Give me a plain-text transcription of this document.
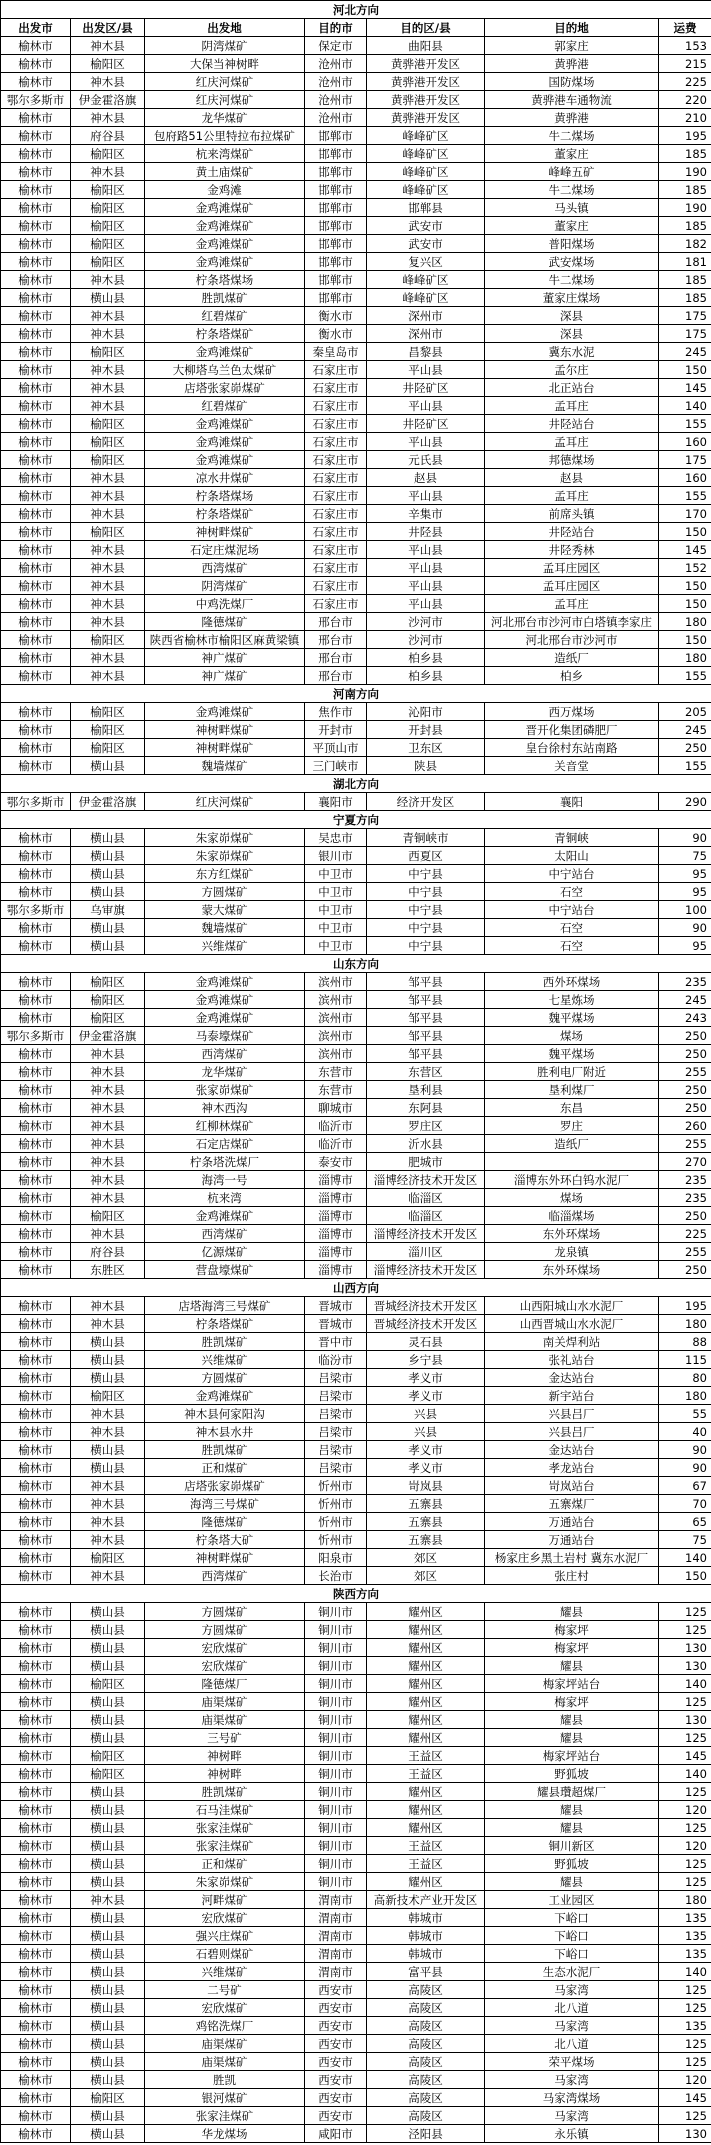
河北方向						
出发市	出发区/县	出发地	目的市	目的区/县	目的地	运费
榆林市	神木县	阴湾煤矿	保定市	曲阳县	郭家庄	153
榆林市	榆阳区	大保当神树畔	沧州市	黄骅港开发区	黄骅港	215
榆林市	神木县	红庆河煤矿	沧州市	黄骅港开发区	国防煤场	225
鄂尔多斯市	伊金霍洛旗	红庆河煤矿	沧州市	黄骅港开发区	黄骅港车通物流	220
榆林市	神木县	龙华煤矿	沧州市	黄骅港开发区	黄骅港	210
榆林市	府谷县	包府路51公里特拉布拉煤矿	邯郸市	峰峰矿区	牛二煤场	195
榆林市	榆阳区	杭来湾煤矿	邯郸市	峰峰矿区	董家庄	185
榆林市	神木县	黄土庙煤矿	邯郸市	峰峰矿区	峰峰五矿	190
榆林市	榆阳区	金鸡滩	邯郸市	峰峰矿区	牛二煤场	185
榆林市	榆阳区	金鸡滩煤矿	邯郸市	邯郸县	马头镇	190
榆林市	榆阳区	金鸡滩煤矿	邯郸市	武安市	董家庄	185
榆林市	榆阳区	金鸡滩煤矿	邯郸市	武安市	普阳煤场	182
榆林市	榆阳区	金鸡滩煤矿	邯郸市	复兴区	武安煤场	181
榆林市	神木县	柠条塔煤场	邯郸市	峰峰矿区	牛二煤场	185
榆林市	横山县	胜凯煤矿	邯郸市	峰峰矿区	董家庄煤场	185
榆林市	神木县	红碧煤矿	衡水市	深州市	深县	175
榆林市	神木县	柠条塔煤矿	衡水市	深州市	深县	175
榆林市	榆阳区	金鸡滩煤矿	秦皇岛市	昌黎县	冀东水泥	245
榆林市	神木县	大柳塔乌兰色太煤矿	石家庄市	平山县	孟尔庄	150
榆林市	神木县	店塔张家峁煤矿	石家庄市	井陉矿区	北正站台	145
榆林市	神木县	红碧煤矿	石家庄市	平山县	孟耳庄	140
榆林市	榆阳区	金鸡滩煤矿	石家庄市	井陉矿区	井陉站台	155
榆林市	榆阳区	金鸡滩煤矿	石家庄市	平山县	孟耳庄	160
榆林市	榆阳区	金鸡滩煤矿	石家庄市	元氏县	邦德煤场	175
榆林市	神木县	凉水井煤矿	石家庄市	赵县	赵县	160
榆林市	神木县	柠条塔煤场	石家庄市	平山县	孟耳庄	155
榆林市	神木县	柠条塔煤矿	石家庄市	辛集市	前席头镇	170
榆林市	榆阳区	神树畔煤矿	石家庄市	井陉县	井陉站台	150
榆林市	神木县	石定庄煤泥场	石家庄市	平山县	井陉秀林	145
榆林市	神木县	西湾煤矿	石家庄市	平山县	孟耳庄园区	152
榆林市	神木县	阴湾煤矿	石家庄市	平山县	孟耳庄园区	150
榆林市	神木县	中鸡洗煤厂	石家庄市	平山县	孟耳庄	150
榆林市	神木县	隆德煤矿	邢台市	沙河市	河北邢台市沙河市白塔镇李家庄	180
榆林市	榆阳区	陕西省榆林市榆阳区麻黄梁镇	邢台市	沙河市	河北邢台市沙河市	150
榆林市	神木县	神广煤矿	邢台市	柏乡县	造纸厂	180
榆林市	神木县	神广煤矿	邢台市	柏乡县	柏乡	155
河南方向						
榆林市	榆阳区	金鸡滩煤矿	焦作市	沁阳市	西万煤场	205
榆林市	榆阳区	神树畔煤矿	开封市	开封县	晋开化集团磷肥厂	245
榆林市	榆阳区	神树畔煤矿	平顶山市	卫东区	皇台徐村东站南路	250
榆林市	横山县	魏墙煤矿	三门峡市	陕县	关音堂	155
湖北方向						
鄂尔多斯市	伊金霍洛旗	红庆河煤矿	襄阳市	经济开发区	襄阳	290
宁夏方向						
榆林市	横山县	朱家峁煤矿	吴忠市	青铜峡市	青铜峡	90
榆林市	横山县	朱家峁煤矿	银川市	西夏区	太阳山	75
榆林市	横山县	东方红煤矿	中卫市	中宁县	中宁站台	95
榆林市	横山县	方圆煤矿	中卫市	中宁县	石空	95
鄂尔多斯市	乌审旗	蒙大煤矿	中卫市	中宁县	中宁站台	100
榆林市	横山县	魏墙煤矿	中卫市	中宁县	石空	90
榆林市	横山县	兴维煤矿	中卫市	中宁县	石空	95
山东方向						
榆林市	榆阳区	金鸡滩煤矿	滨州市	邹平县	西外环煤场	235
榆林市	榆阳区	金鸡滩煤矿	滨州市	邹平县	七星炼场	245
榆林市	榆阳区	金鸡滩煤矿	滨州市	邹平县	魏平煤场	243
鄂尔多斯市	伊金霍洛旗	马泰壕煤矿	滨州市	邹平县	煤场	250
榆林市	神木县	西湾煤矿	滨州市	邹平县	魏平煤场	250
榆林市	神木县	龙华煤矿	东营市	东营区	胜利电厂附近	255
榆林市	神木县	张家峁煤矿	东营市	垦利县	垦利煤厂	250
榆林市	神木县	神木西沟	聊城市	东阿县	东昌	250
榆林市	神木县	红柳林煤矿	临沂市	罗庄区	罗庄	260
榆林市	神木县	石定店煤矿	临沂市	沂水县	造纸厂	255
榆林市	神木县	柠条塔洗煤厂	泰安市	肥城市		270
榆林市	神木县	海湾一号	淄博市	淄博经济技术开发区	淄博东外环白钨水泥厂	235
榆林市	神木县	杭来湾	淄博市	临淄区	煤场	235
榆林市	榆阳区	金鸡滩煤矿	淄博市	临淄区	临淄煤场	250
榆林市	神木县	西湾煤矿	淄博市	淄博经济技术开发区	东外环煤场	225
榆林市	府谷县	亿源煤矿	淄博市	淄川区	龙泉镇	255
榆林市	东胜区	营盘壕煤矿	淄博市	淄博经济技术开发区	东外环煤场	250
山西方向						
榆林市	神木县	店塔海湾三号煤矿	晋城市	晋城经济技术开发区	山西阳城山水水泥厂	195
榆林市	神木县	柠条塔煤矿	晋城市	晋城经济技术开发区	山西晋城山水水泥厂	180
榆林市	横山县	胜凯煤矿	晋中市	灵石县	南关焊利站	88
榆林市	横山县	兴维煤矿	临汾市	乡宁县	张礼站台	115
榆林市	横山县	方圆煤矿	吕梁市	孝义市	金达站台	80
榆林市	榆阳区	金鸡滩煤矿	吕梁市	孝义市	新宇站台	180
榆林市	神木县	神木县何家阳沟	吕梁市	兴县	兴县吕厂	55
榆林市	神木县	神木县水井	吕梁市	兴县	兴县吕厂	40
榆林市	横山县	胜凯煤矿	吕梁市	孝义市	金达站台	90
榆林市	横山县	正和煤矿	吕梁市	孝义市	孝龙站台	90
榆林市	神木县	店塔张家峁煤矿	忻州市	岢岚县	岢岚站台	67
榆林市	神木县	海湾三号煤矿	忻州市	五寨县	五寨煤厂	70
榆林市	神木县	隆德煤矿	忻州市	五寨县	万通站台	65
榆林市	神木县	柠条塔大矿	忻州市	五寨县	万通站台	75
榆林市	榆阳区	神树畔煤矿	阳泉市	郊区	杨家庄乡黑土岩村 冀东水泥厂	140
榆林市	神木县	西湾煤矿	长治市	郊区	张庄村	150
陕西方向						
榆林市	横山县	方圆煤矿	铜川市	耀州区	耀县	125
榆林市	横山县	方圆煤矿	铜川市	耀州区	梅家坪	125
榆林市	横山县	宏欣煤矿	铜川市	耀州区	梅家坪	130
榆林市	横山县	宏欣煤矿	铜川市	耀州区	耀县	130
榆林市	榆阳区	隆德煤厂	铜川市	耀州区	梅家坪站台	140
榆林市	横山县	庙渠煤矿	铜川市	耀州区	梅家坪	125
榆林市	横山县	庙渠煤矿	铜川市	耀州区	耀县	130
榆林市	横山县	三号矿	铜川市	耀州区	耀县	125
榆林市	榆阳区	神树畔	铜川市	王益区	梅家坪站台	145
榆林市	榆阳区	神树畔	铜川市	王益区	野狐坡	140
榆林市	横山县	胜凯煤矿	铜川市	耀州区	耀县瓚超煤厂	125
榆林市	横山县	石马洼煤矿	铜川市	耀州区	耀县	120
榆林市	横山县	张家洼煤矿	铜川市	耀州区	耀县	125
榆林市	横山县	张家洼煤矿	铜川市	王益区	铜川新区	120
榆林市	横山县	正和煤矿	铜川市	王益区	野狐坡	125
榆林市	横山县	朱家峁煤矿	铜川市	耀州区	耀县	125
榆林市	神木县	河畔煤矿	渭南市	高新技术产业开发区	工业园区	180
榆林市	横山县	宏欣煤矿	渭南市	韩城市	下峪口	135
榆林市	横山县	强兴庄煤矿	渭南市	韩城市	下峪口	135
榆林市	横山县	石碧则煤矿	渭南市	韩城市	下峪口	135
榆林市	横山县	兴维煤矿	渭南市	富平县	生态水泥厂	140
榆林市	横山县	二号矿	西安市	高陵区	马家湾	125
榆林市	横山县	宏欣煤矿	西安市	高陵区	北八道	125
榆林市	横山县	鸡铭洗煤厂	西安市	高陵区	马家湾	135
榆林市	横山县	庙渠煤矿	西安市	高陵区	北八道	125
榆林市	横山县	庙渠煤矿	西安市	高陵区	荣平煤场	125
榆林市	横山县	胜凯	西安市	高陵区	马家湾	120
榆林市	榆阳区	银河煤矿	西安市	高陵区	马家湾煤场	145
榆林市	横山县	张家洼煤矿	西安市	高陵区	马家湾	125
榆林市	横山县	华龙煤场	咸阳市	泾阳县	永乐镇	130
